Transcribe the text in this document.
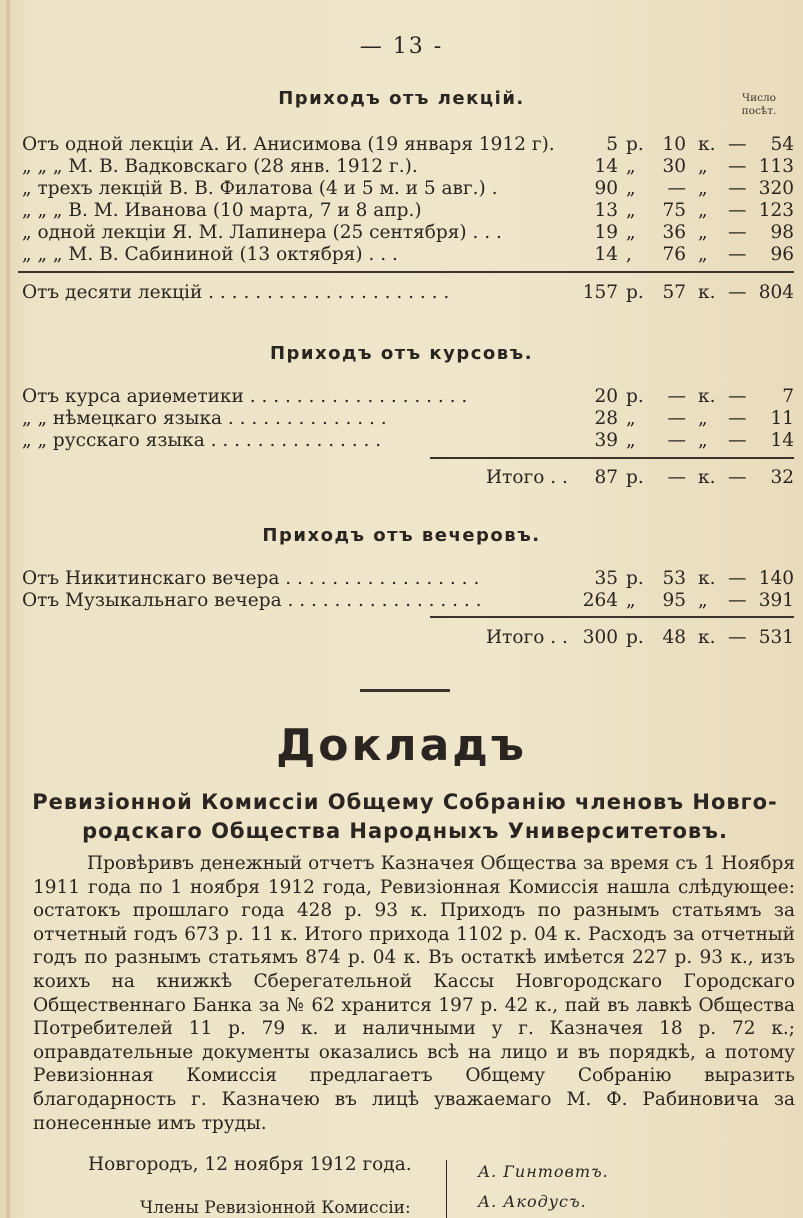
— 13 -
Приходъ отъ лекцій.	Число
посѣт.
Отъ одной лекціи А. И. Анисимова (19 января 1912 г).	5 р.	10 к. —	54
„ „ „ М. В. Вадковскаго (28 янв. 1912 г.).	14 „	30 „ — 113
„ трехъ лекцій В. В. Филатова (4 и 5 м. и 5 авг.) .	90 „	— „ — 320
„ „ „ В. М. Иванова (10 марта, 7 и 8 апр.)	13 „	75 „ — 123
„ одной лекціи Я. М. Лапинера (25 сентября) . . .	19 „	36 „ —	98
„ „ „ М. В. Сабининой (13 октября) . . .	14 ,	76 „ —	96
Отъ десяти лекцій . . . . . . . . . . . . . . . . . . . . .	157 р.	57 к. — 804
Приходъ отъ курсовъ.
Отъ курса ариѳметики . . . . . . . . . . . . . . . . . . .	20 р.	— к. —	7
„ „ нѣмецкаго языка . . . . . . . . . . . . . .	28 „	— „ —	11
„ „ русскаго языка . . . . . . . . . . . . . . .	39 „	— „ —	14
Итого . .	87 р.	— к. —	32
Приходъ отъ вечеровъ.
Отъ Никитинскаго вечера . . . . . . . . . . . . . . . . .	35 р.	53 к. — 140
Отъ Музыкальнаго вечера . . . . . . . . . . . . . . . . .	264 „	95 „ — 391
Итого . . 300 р.	48 к. — 531
Докладъ
Ревизіонной Комиссіи Общему Собранію членовъ Новго-
родскаго Общества Народныхъ Университетовъ.
Провѣривъ денежный отчетъ Казначея Общества за время съ 1 Ноября 1911 года по 1 ноября 1912 года, Ревизіонная Комиссія нашла слѣдующее: остатокъ прошлаго года 428 р. 93 к. Приходъ по разнымъ статьямъ за отчетный годъ 673 р. 11 к. Итого прихода 1102 р. 04 к. Расходъ за отчетный годъ по разнымъ статьямъ 874 р. 04 к. Въ остаткѣ имѣется 227 р. 93 к., изъ коихъ на книжкѣ Сберегательной Кассы Новгородскаго Городскаго Общественнаго Банка за № 62 хранится 197 р. 42 к., пай въ лавкѣ Общества Потребителей 11 р. 79 к. и наличными у г. Казначея 18 р. 72 к.; оправдательные документы оказались всѣ на лицо и въ порядкѣ, а потому Ревизіонная Комиссія предлагаетъ Общему Собранію выразить благодарность г. Казначею въ лицѣ уважаемаго М. Ф. Рабиновича за понесенные имъ труды.
Новгородъ, 12 ноября 1912 года.
Члены Ревизіонной Комиссіи:
А. Гинтовтъ.
А. Акодусъ.
